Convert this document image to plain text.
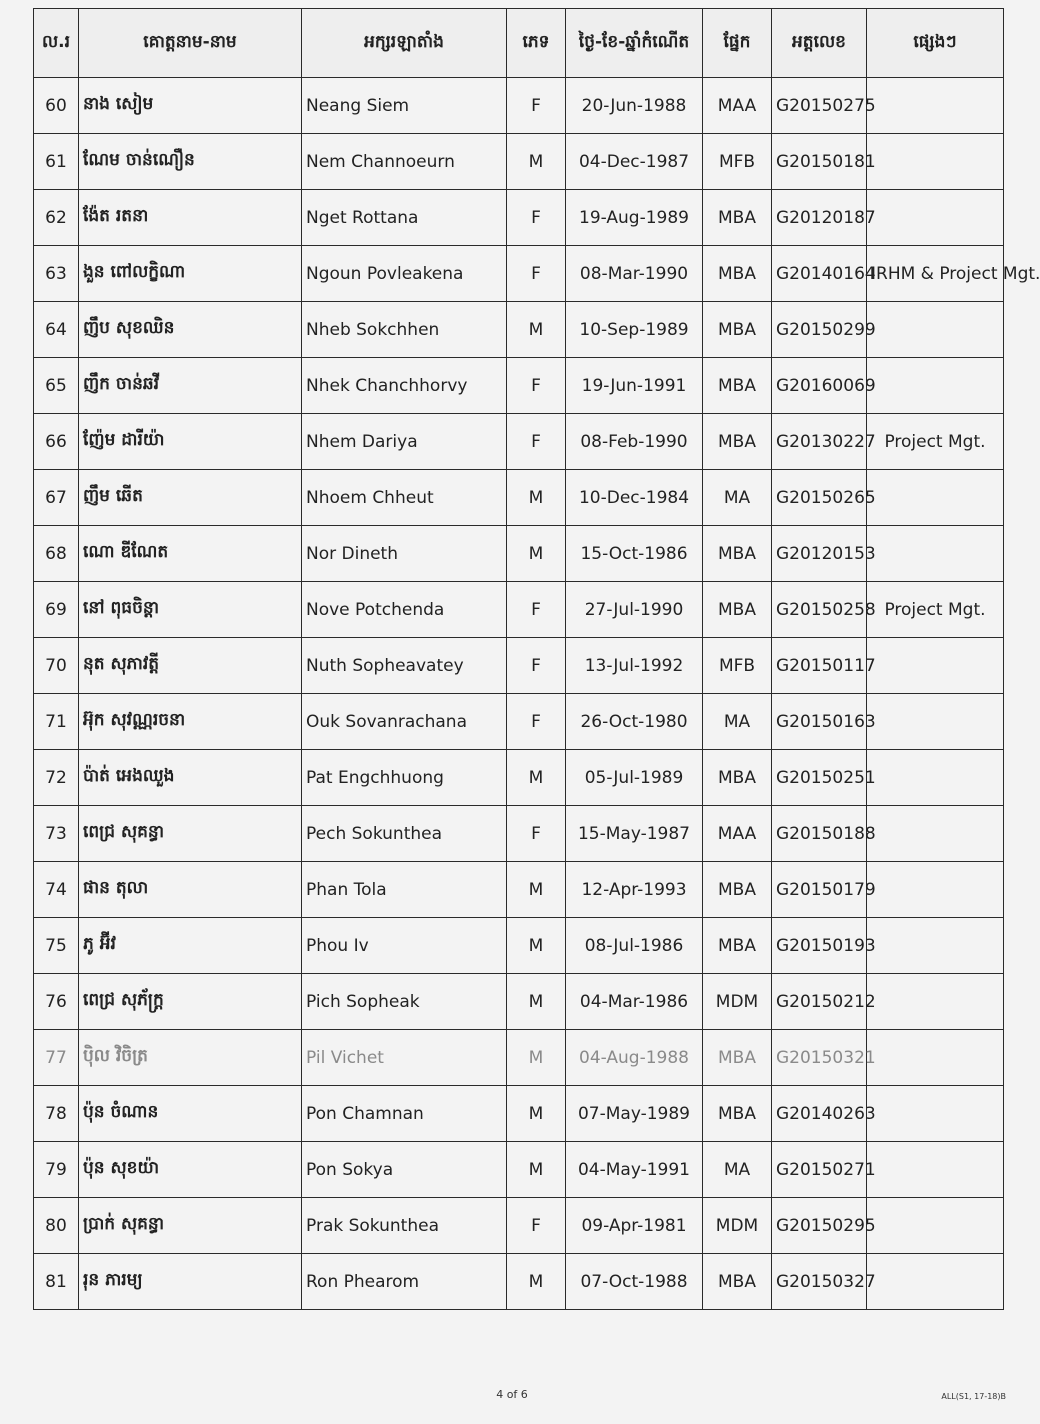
ល.រ	គោត្តនាម-នាម	អក្សរឡាតាំង	ភេទ	ថ្ងៃ-ខែ-ឆ្នាំកំណើត	ផ្នែក	អត្តលេខ	ផ្សេងៗ
60	នាង សៀម	Neang Siem	F	20-Jun-1988	MAA	G20150275	
61	ណែម ចាន់ណឿន	Nem Channoeurn	M	04-Dec-1987	MFB	G20150181	
62	ង៉ែត រតនា	Nget Rottana	F	19-Aug-1989	MBA	G20120187	
63	ងួន ពៅលក្ខិណា	Ngoun Povleakena	F	08-Mar-1990	MBA	G20140164	IRHM & Project Mgt.
64	ញឹប សុខឈិន	Nheb Sokchhen	M	10-Sep-1989	MBA	G20150299	
65	ញឹក ចាន់ឆវី	Nhek Chanchhorvy	F	19-Jun-1991	MBA	G20160069	
66	ញ៉ែម ដារីយ៉ា	Nhem Dariya	F	08-Feb-1990	MBA	G20130227	Project Mgt.
67	ញឹម ឆើត	Nhoem Chheut	M	10-Dec-1984	MA	G20150265	
68	ណោ ឌីណែត	Nor Dineth	M	15-Oct-1986	MBA	G20120153	
69	នៅ ពុធចិន្តា	Nove Potchenda	F	27-Jul-1990	MBA	G20150258	Project Mgt.
70	នុត សុភាវត្តី	Nuth Sopheavatey	F	13-Jul-1992	MFB	G20150117	
71	អ៊ុក សុវណ្ណរចនា	Ouk Sovanrachana	F	26-Oct-1980	MA	G20150163	
72	ប៉ាត់ អេងឈួង	Pat Engchhuong	M	05-Jul-1989	MBA	G20150251	
73	ពេជ្រ សុគន្ធា	Pech Sokunthea	F	15-May-1987	MAA	G20150188	
74	ផាន តុលា	Phan Tola	M	12-Apr-1993	MBA	G20150179	
75	ភូ អ៊ីវ	Phou Iv	M	08-Jul-1986	MBA	G20150193	
76	ពេជ្រ សុភ័ក្ត្រ	Pich Sopheak	M	04-Mar-1986	MDM	G20150212	
77	ប៉ិល វិចិត្រ	Pil Vichet	M	04-Aug-1988	MBA	G20150321	
78	ប៉ុន ចំណាន	Pon Chamnan	M	07-May-1989	MBA	G20140263	
79	ប៉ុន សុខយ៉ា	Pon Sokya	M	04-May-1991	MA	G20150271	
80	ប្រាក់ សុគន្ធា	Prak Sokunthea	F	09-Apr-1981	MDM	G20150295	
81	រុន ភារម្យ	Ron Phearom	M	07-Oct-1988	MBA	G20150327	
4 of 6	ALL(S1, 17-18)B
